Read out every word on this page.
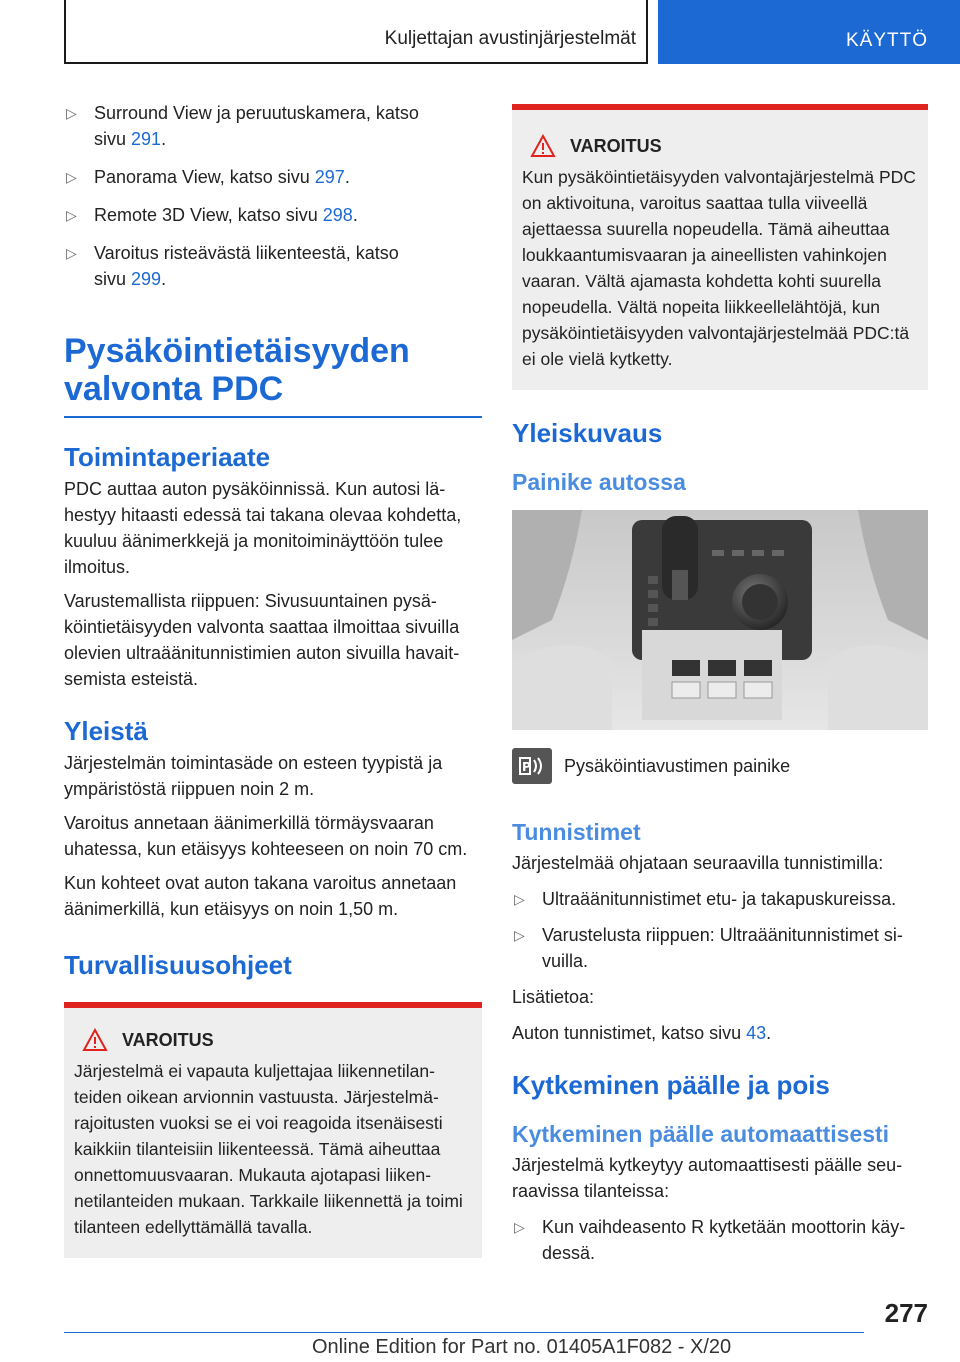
Kuljettajan avustinjärjestelmät	KÄYTTÖ
▷ Surround View ja peruutuskamera, katso
sivu 291.
▷ Panorama View, katso sivu 297.
▷ Remote 3D View, katso sivu 298.
▷ Varoitus risteävästä liikenteestä, katso
sivu 299.
Pysäköintietäisyyden
valvonta PDC
Toimintaperiaate

PDC auttaa auton pysäköinnissä. Kun autosi lähestyy hitaasti edessä tai takana olevaa kohdetta, kuuluu äänimerkkejä ja monitoiminäyttöön tulee ilmoitus.

Varustemallista riippuen: Sivusuuntainen pysäköintietäisyyden valvonta saattaa ilmoittaa sivuilla olevien ultraäänitunnistimien auton sivuilla havaitsemista esteistä.

Yleistä

Järjestelmän toimintasäde on esteen tyypistä ja ympäristöstä riippuen noin 2 m.

Varoitus annetaan äänimerkillä törmäysvaaran uhatessa, kun etäisyys kohteeseen on noin 70 cm.

Kun kohteet ovat auton takana varoitus annetaan äänimerkillä, kun etäisyys on noin 1,50 m.

Turvallisuusohjeet
VAROITUS

Järjestelmä ei vapauta kuljettajaa liikennetilanteiden oikean arvionnin vastuusta. Järjestelmärajoitusten vuoksi se ei voi reagoida itsenäisesti kaikkiin tilanteisiin liikenteessä. Tämä aiheuttaa onnettomuusvaaran. Mukauta ajotapasi liikennetilanteiden mukaan. Tarkkaile liikennettä ja toimi tilanteen edellyttämällä tavalla.

VAROITUS

Kun pysäköintietäisyyden valvontajärjestelmä PDC on aktivoituna, varoitus saattaa tulla viiveellä ajettaessa suurella nopeudella. Tämä aiheuttaa loukkaantumisvaaran ja aineellisten vahinkojen vaaran. Vältä ajamasta kohdetta kohti suurella nopeudella. Vältä nopeita liikkeellelähtöjä, kun pysäköintietäisyyden valvontajärjestelmää PDC:tä ei ole vielä kytketty.

Yleiskuvaus
Painike autossa
P Pysäköintiavustimen painike
Tunnistimet

Järjestelmää ohjataan seuraavilla tunnistimilla:

▷ Ultraäänitunnistimet etu- ja takapuskureissa.
▷ Varustelusta riippuen: Ultraäänitunnistimet sivuilla.

Lisätietoa:

Auton tunnistimet, katso sivu 43.

Kytkeminen päälle ja pois
Kytkeminen päälle automaattisesti

Järjestelmä kytkeytyy automaattisesti päälle seuraavissa tilanteissa:

▷ Kun vaihdeasento R kytketään moottorin käydessä.
277
Online Edition for Part no. 01405A1F082 - X/20
